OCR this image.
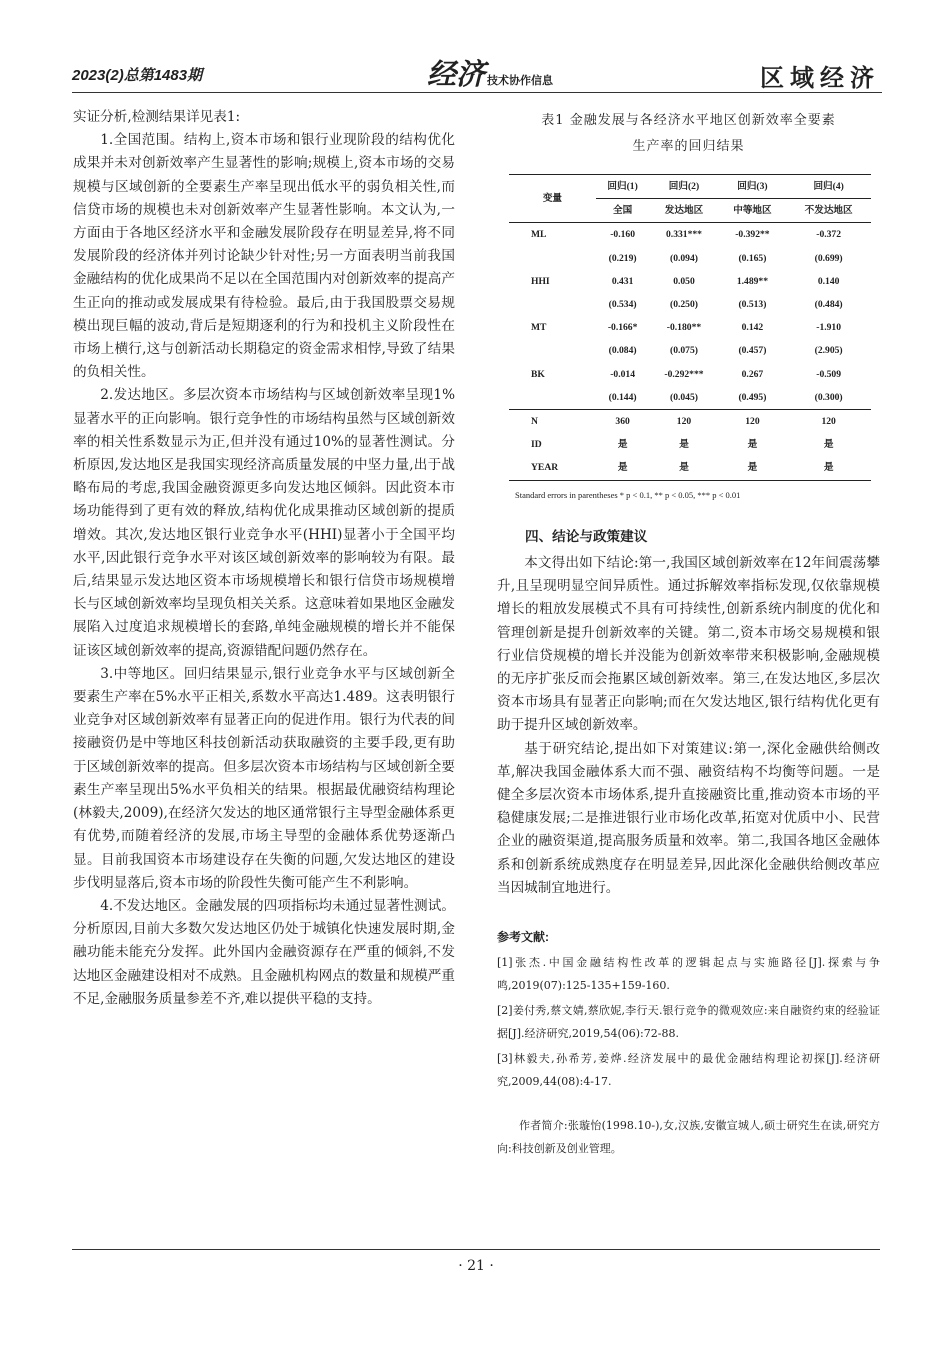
2023(2)总第1483期	经济 技术协作信息	区域经济

实证分析,检测结果详见表1:

1.全国范围。结构上,资本市场和银行业现阶段的结构优化成果并未对创新效率产生显著性的影响;规模上,资本市场的交易规模与区域创新的全要素生产率呈现出低水平的弱负相关性,而信贷市场的规模也未对创新效率产生显著性影响。本文认为,一方面由于各地区经济水平和金融发展阶段存在明显差异,将不同发展阶段的经济体并列讨论缺少针对性;另一方面表明当前我国金融结构的优化成果尚不足以在全国范围内对创新效率的提高产生正向的推动或发展成果有待检验。最后,由于我国股票交易规模出现巨幅的波动,背后是短期逐利的行为和投机主义阶段性在市场上横行,这与创新活动长期稳定的资金需求相悖,导致了结果的负相关性。

2.发达地区。多层次资本市场结构与区域创新效率呈现1%显著水平的正向影响。银行竞争性的市场结构虽然与区域创新效率的相关性系数显示为正,但并没有通过10%的显著性测试。分析原因,发达地区是我国实现经济高质量发展的中坚力量,出于战略布局的考虑,我国金融资源更多向发达地区倾斜。因此资本市场功能得到了更有效的释放,结构优化成果推动区域创新的提质增效。其次,发达地区银行业竞争水平(HHI)显著小于全国平均水平,因此银行竞争水平对该区域创新效率的影响较为有限。最后,结果显示发达地区资本市场规模增长和银行信贷市场规模增长与区域创新效率均呈现负相关关系。这意味着如果地区金融发展陷入过度追求规模增长的套路,单纯金融规模的增长并不能保证该区域创新效率的提高,资源错配问题仍然存在。

3.中等地区。回归结果显示,银行业竞争水平与区域创新全要素生产率在5%水平正相关,系数水平高达1.489。这表明银行业竞争对区域创新效率有显著正向的促进作用。银行为代表的间接融资仍是中等地区科技创新活动获取融资的主要手段,更有助于区域创新效率的提高。但多层次资本市场结构与区域创新全要素生产率呈现出5%水平负相关的结果。根据最优融资结构理论(林毅夫,2009),在经济欠发达的地区通常银行主导型金融体系更有优势,而随着经济的发展,市场主导型的金融体系优势逐渐凸显。目前我国资本市场建设存在失衡的问题,欠发达地区的建设步伐明显落后,资本市场的阶段性失衡可能产生不利影响。

4.不发达地区。金融发展的四项指标均未通过显著性测试。分析原因,目前大多数欠发达地区仍处于城镇化快速发展时期,金融功能未能充分发挥。此外国内金融资源存在严重的倾斜,不发达地区金融建设相对不成熟。且金融机构网点的数量和规模严重不足,金融服务质量参差不齐,难以提供平稳的支持。

表1 金融发展与各经济水平地区创新效率全要素
生产率的回归结果
变量	回归(1)	回归(2)	回归(3)	回归(4)
	全国	发达地区	中等地区	不发达地区
ML	-0.160	0.331***	-0.392**	-0.372
	(0.219)	(0.094)	(0.165)	(0.699)
HHI	0.431	0.050	1.489**	0.140
	(0.534)	(0.250)	(0.513)	(0.484)
MT	-0.166*	-0.180**	0.142	-1.910
	(0.084)	(0.075)	(0.457)	(2.905)
BK	-0.014	-0.292***	0.267	-0.509
	(0.144)	(0.045)	(0.495)	(0.300)
N	360	120	120	120
ID	是	是	是	是
YEAR	是	是	是	是
Standard errors in parentheses * p < 0.1, ** p < 0.05, *** p < 0.01
四、结论与政策建议

本文得出如下结论:第一,我国区域创新效率在12年间震荡攀升,且呈现明显空间异质性。通过拆解效率指标发现,仅依靠规模增长的粗放发展模式不具有可持续性,创新系统内制度的优化和管理创新是提升创新效率的关键。第二,资本市场交易规模和银行业信贷规模的增长并没能为创新效率带来积极影响,金融规模的无序扩张反而会拖累区域创新效率。第三,在发达地区,多层次资本市场具有显著正向影响;而在欠发达地区,银行结构优化更有助于提升区域创新效率。

基于研究结论,提出如下对策建议:第一,深化金融供给侧改革,解决我国金融体系大而不强、融资结构不均衡等问题。一是健全多层次资本市场体系,提升直接融资比重,推动资本市场的平稳健康发展;二是推进银行业市场化改革,拓宽对优质中小、民营企业的融资渠道,提高服务质量和效率。第二,我国各地区金融体系和创新系统成熟度存在明显差异,因此深化金融供给侧改革应当因城制宜地进行。

参考文献:
[1]张杰.中国金融结构性改革的逻辑起点与实施路径[J].探索与争鸣,2019(07):125-135+159-160.
[2]姜付秀,蔡文婧,蔡欣妮,李行天.银行竞争的微观效应:来自融资约束的经验证据[J].经济研究,2019,54(06):72-88.
[3]林毅夫,孙希芳,姜烨.经济发展中的最优金融结构理论初探[J].经济研究,2009,44(08):4-17.
作者简介:张璇怡(1998.10-),女,汉族,安徽宣城人,硕士研究生在读,研究方向:科技创新及创业管理。
· 21 ·
